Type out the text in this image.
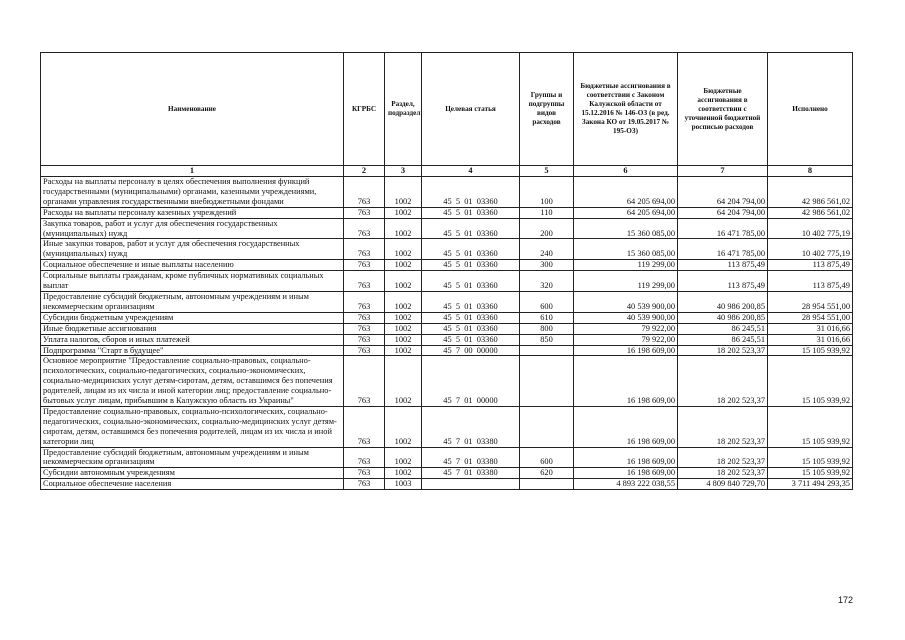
Наименование	КГРБС	Раздел, подраздел	Целевая статья	Группы и подгруппы видов расходов	Бюджетные ассигнования в соответствии с Законом Калужской области от 15.12.2016 № 146-ОЗ (в ред. Закона КО от 19.05.2017 № 195-ОЗ)	Бюджетные ассигнования в соответствии с уточненной бюджетной росписью расходов	Исполнено
1	2	3	4	5	6	7	8
Расходы на выплаты персоналу в целях обеспечения выполнения функций государственными (муниципальными) органами, казенными учреждениями, органами управления государственными внебюджетными фондами	763	1002	45  5  01  03360	100	64 205 694,00	64 204 794,00	42 986 561,02
Расходы на выплаты персоналу казенных учреждений	763	1002	45  5  01  03360	110	64 205 694,00	64 204 794,00	42 986 561,02
Закупка товаров, работ и услуг для обеспечения государственных (муниципальных) нужд	763	1002	45  5  01  03360	200	15 360 085,00	16 471 785,00	10 402 775,19
Иные закупки товаров, работ и услуг для обеспечения государственных (муниципальных) нужд	763	1002	45  5  01  03360	240	15 360 085,00	16 471 785,00	10 402 775,19
Социальное обеспечение и иные выплаты населению	763	1002	45  5  01  03360	300	119 299,00	113 875,49	113 875,49
Социальные выплаты гражданам, кроме публичных нормативных социальных выплат	763	1002	45  5  01  03360	320	119 299,00	113 875,49	113 875,49
Предоставление субсидий бюджетным, автономным учреждениям и иным некоммерческим организациям	763	1002	45  5  01  03360	600	40 539 900,00	40 986 200,85	28 954 551,00
Субсидии бюджетным учреждениям	763	1002	45  5  01  03360	610	40 539 900,00	40 986 200,85	28 954 551,00
Иные бюджетные ассигнования	763	1002	45  5  01  03360	800	79 922,00	86 245,51	31 016,66
Уплата налогов, сборов и иных платежей	763	1002	45  5  01  03360	850	79 922,00	86 245,51	31 016,66
Подпрограмма "Старт в будущее"	763	1002	45  7  00  00000		16 198 609,00	18 202 523,37	15 105 939,92
Основное мероприятие "Предоставление социально-правовых, социально-психологических, социально-педагогических, социально-экономических, социально-медицинских услуг детям-сиротам, детям, оставшимся без попечения родителей, лицам из их числа и иной категории лиц; предоставление социально-бытовых услуг лицам, прибывшим в Калужскую область из Украины"	763	1002	45  7  01  00000		16 198 609,00	18 202 523,37	15 105 939,92
Предоставление социально-правовых, социально-психологических, социально-педагогических, социально-экономических, социально-медицинских услуг детям-сиротам, детям, оставшимся без попечения родителей, лицам из их числа и иной категории лиц	763	1002	45  7  01  03380		16 198 609,00	18 202 523,37	15 105 939,92
Предоставление субсидий бюджетным, автономным учреждениям и иным некоммерческим организациям	763	1002	45  7  01  03380	600	16 198 609,00	18 202 523,37	15 105 939,92
Субсидии автономным учреждениям	763	1002	45  7  01  03380	620	16 198 609,00	18 202 523,37	15 105 939,92
Социальное обеспечение населения	763	1003			4 893 222 038,55	4 809 840 729,70	3 711 494 293,35
172
